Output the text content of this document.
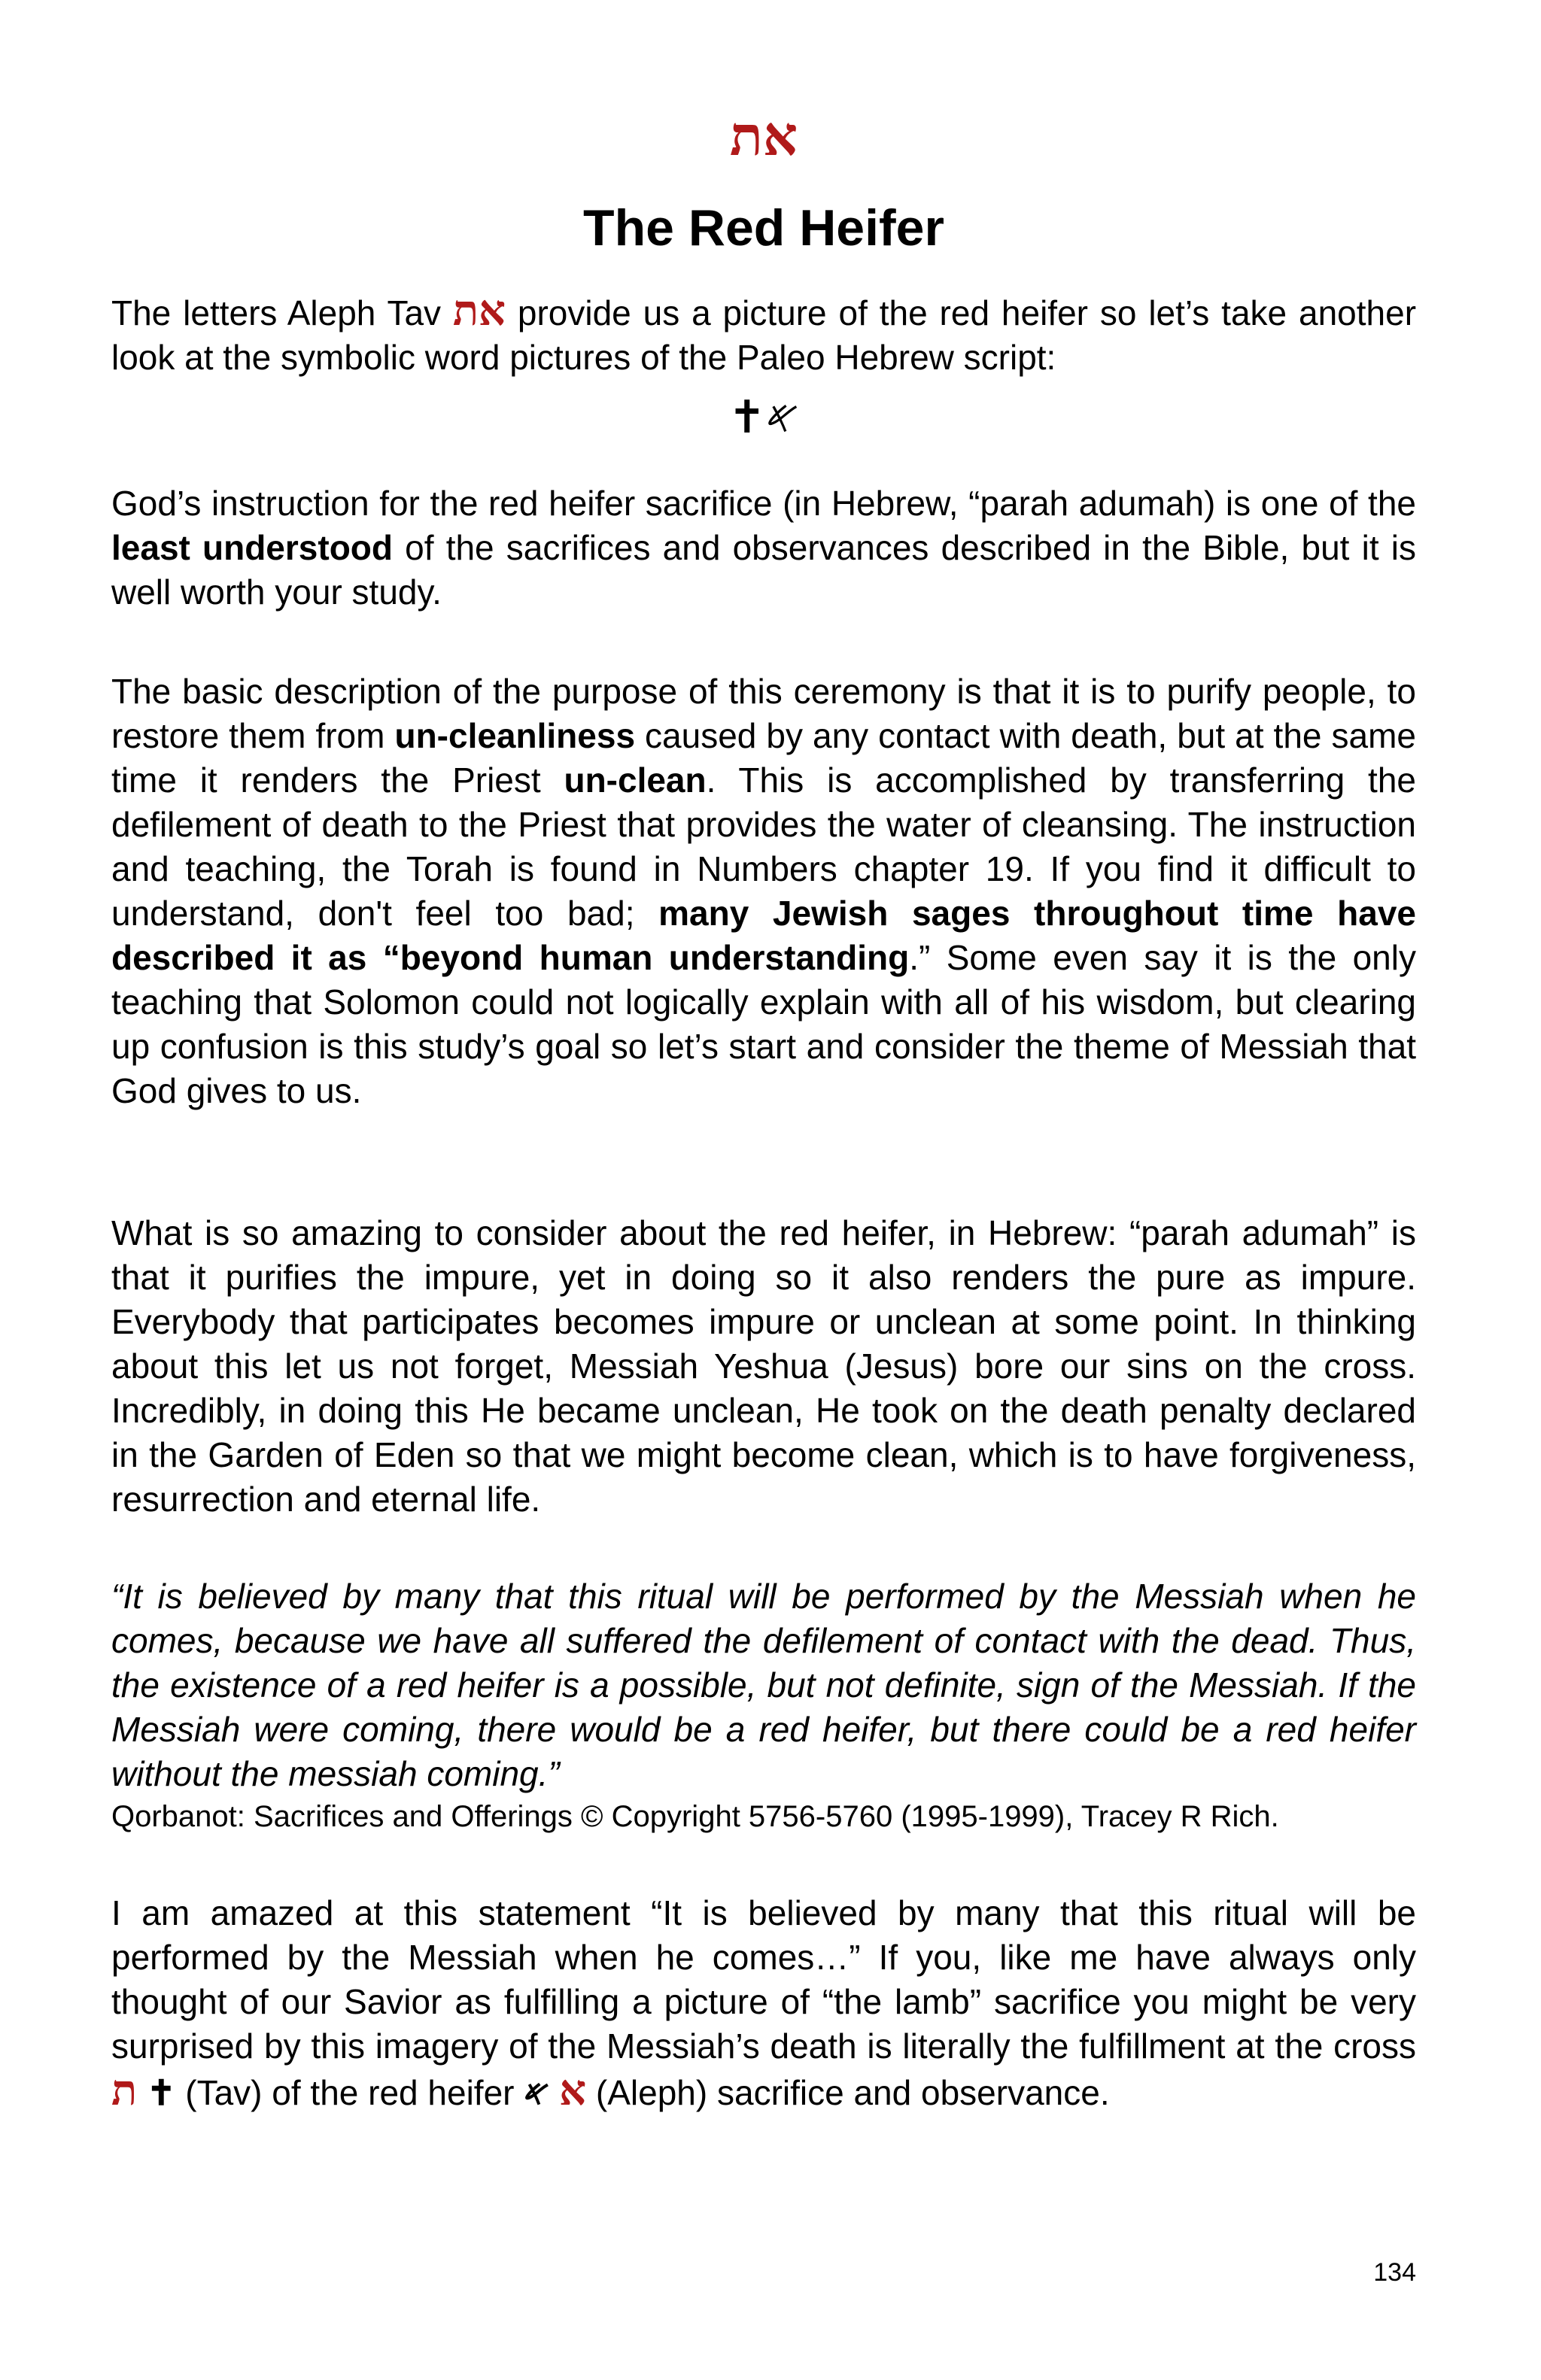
את
The Red Heifer

The letters Aleph Tav את provide us a picture of the red heifer so let’s take another look at the symbolic word pictures of the Paleo Hebrew script:

✝𐤀

God’s instruction for the red heifer sacrifice (in Hebrew, “parah adumah) is one of the least understood of the sacrifices and observances described in the Bible, but it is well worth your study.

The basic description of the purpose of this ceremony is that it is to purify people, to restore them from un-cleanliness caused by any contact with death, but at the same time it renders the Priest un-clean. This is accomplished by transferring the defilement of death to the Priest that provides the water of cleansing. The instruction and teaching, the Torah is found in Numbers chapter 19. If you find it difficult to understand, don't feel too bad; many Jewish sages throughout time have described it as “beyond human understanding.” Some even say it is the only teaching that Solomon could not logically explain with all of his wisdom, but clearing up confusion is this study’s goal so let’s start and consider the theme of Messiah that God gives to us.

What is so amazing to consider about the red heifer, in Hebrew: “parah adumah” is that it purifies the impure, yet in doing so it also renders the pure as impure. Everybody that participates becomes impure or unclean at some point. In thinking about this let us not forget, Messiah Yeshua (Jesus) bore our sins on the cross. Incredibly, in doing this He became unclean, He took on the death penalty declared in the Garden of Eden so that we might become clean, which is to have forgiveness, resurrection and eternal life.

“It is believed by many that this ritual will be performed by the Messiah when he comes, because we have all suffered the defilement of contact with the dead. Thus, the existence of a red heifer is a possible, but not definite, sign of the Messiah. If the Messiah were coming, there would be a red heifer, but there could be a red heifer without the messiah coming.”

Qorbanot: Sacrifices and Offerings © Copyright 5756-5760 (1995-1999), Tracey R Rich.

I am amazed at this statement “It is believed by many that this ritual will be performed by the Messiah when he comes…” If you, like me have always only thought of our Savior as fulfilling a picture of “the lamb” sacrifice you might be very surprised by this imagery of the Messiah’s death is literally the fulfillment at the cross ת ✝ (Tav) of the red heifer א 𐤀 (Aleph) sacrifice and observance.

134
